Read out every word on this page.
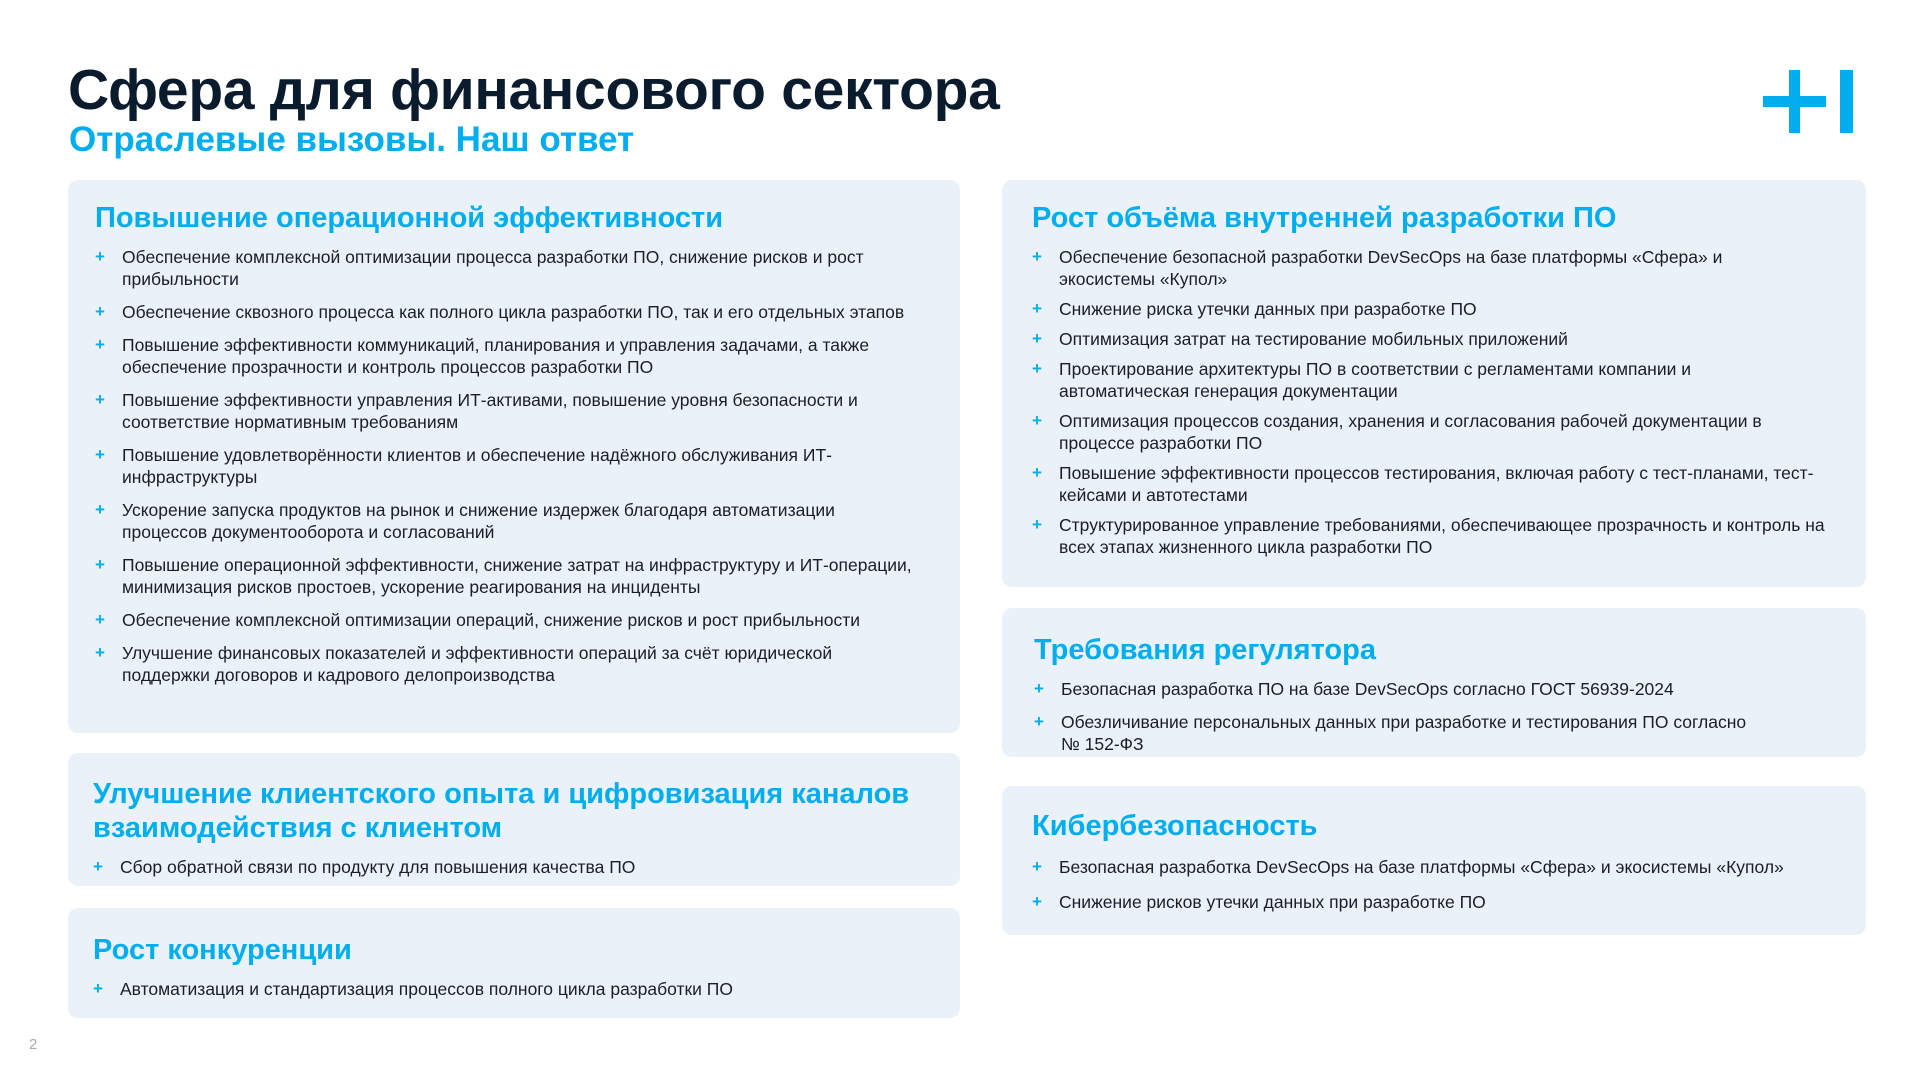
Сфера для финансового сектора
Отраслевые вызовы. Наш ответ
Повышение операционной эффективности
+ Обеспечение комплексной оптимизации процесса разработки ПО, снижение рисков и рост прибыльности
+ Обеспечение сквозного процесса как полного цикла разработки ПО, так и его отдельных этапов
+ Повышение эффективности коммуникаций, планирования и управления задачами, а также обеспечение прозрачности и контроль процессов разработки ПО
+ Повышение эффективности управления ИТ-активами, повышение уровня безопасности и соответствие нормативным требованиям
+ Повышение удовлетворённости клиентов и обеспечение надёжного обслуживания ИТ-инфраструктуры
+ Ускорение запуска продуктов на рынок и снижение издержек благодаря автоматизации процессов документооборота и согласований
+ Повышение операционной эффективности, снижение затрат на инфраструктуру и ИТ-операции, минимизация рисков простоев, ускорение реагирования на инциденты
+ Обеспечение комплексной оптимизации операций, снижение рисков и рост прибыльности
+ Улучшение финансовых показателей и эффективности операций за счёт юридической поддержки договоров и кадрового делопроизводства
Улучшение клиентского опыта и цифровизация каналов взаимодействия с клиентом
+ Сбор обратной связи по продукту для повышения качества ПО
Рост конкуренции
+ Автоматизация и стандартизация процессов полного цикла разработки ПО
Рост объёма внутренней разработки ПО
+ Обеспечение безопасной разработки DevSecOps на базе платформы «Сфера» и экосистемы «Купол»
+ Снижение риска утечки данных при разработке ПО
+ Оптимизация затрат на тестирование мобильных приложений
+ Проектирование архитектуры ПО в соответствии с регламентами компании и автоматическая генерация документации
+ Оптимизация процессов создания, хранения и согласования рабочей документации в процессе разработки ПО
+ Повышение эффективности процессов тестирования, включая работу с тест-планами, тест-кейсами и автотестами
+ Структурированное управление требованиями, обеспечивающее прозрачность и контроль на всех этапах жизненного цикла разработки ПО
Требования регулятора
+ Безопасная разработка ПО на базе DevSecOps согласно ГОСТ 56939-2024
+ Обезличивание персональных данных при разработке и тестирования ПО согласно № 152-ФЗ
Кибербезопасность
+ Безопасная разработка DevSecOps на базе платформы «Сфера» и экосистемы «Купол»
+ Снижение рисков утечки данных при разработке ПО
2
